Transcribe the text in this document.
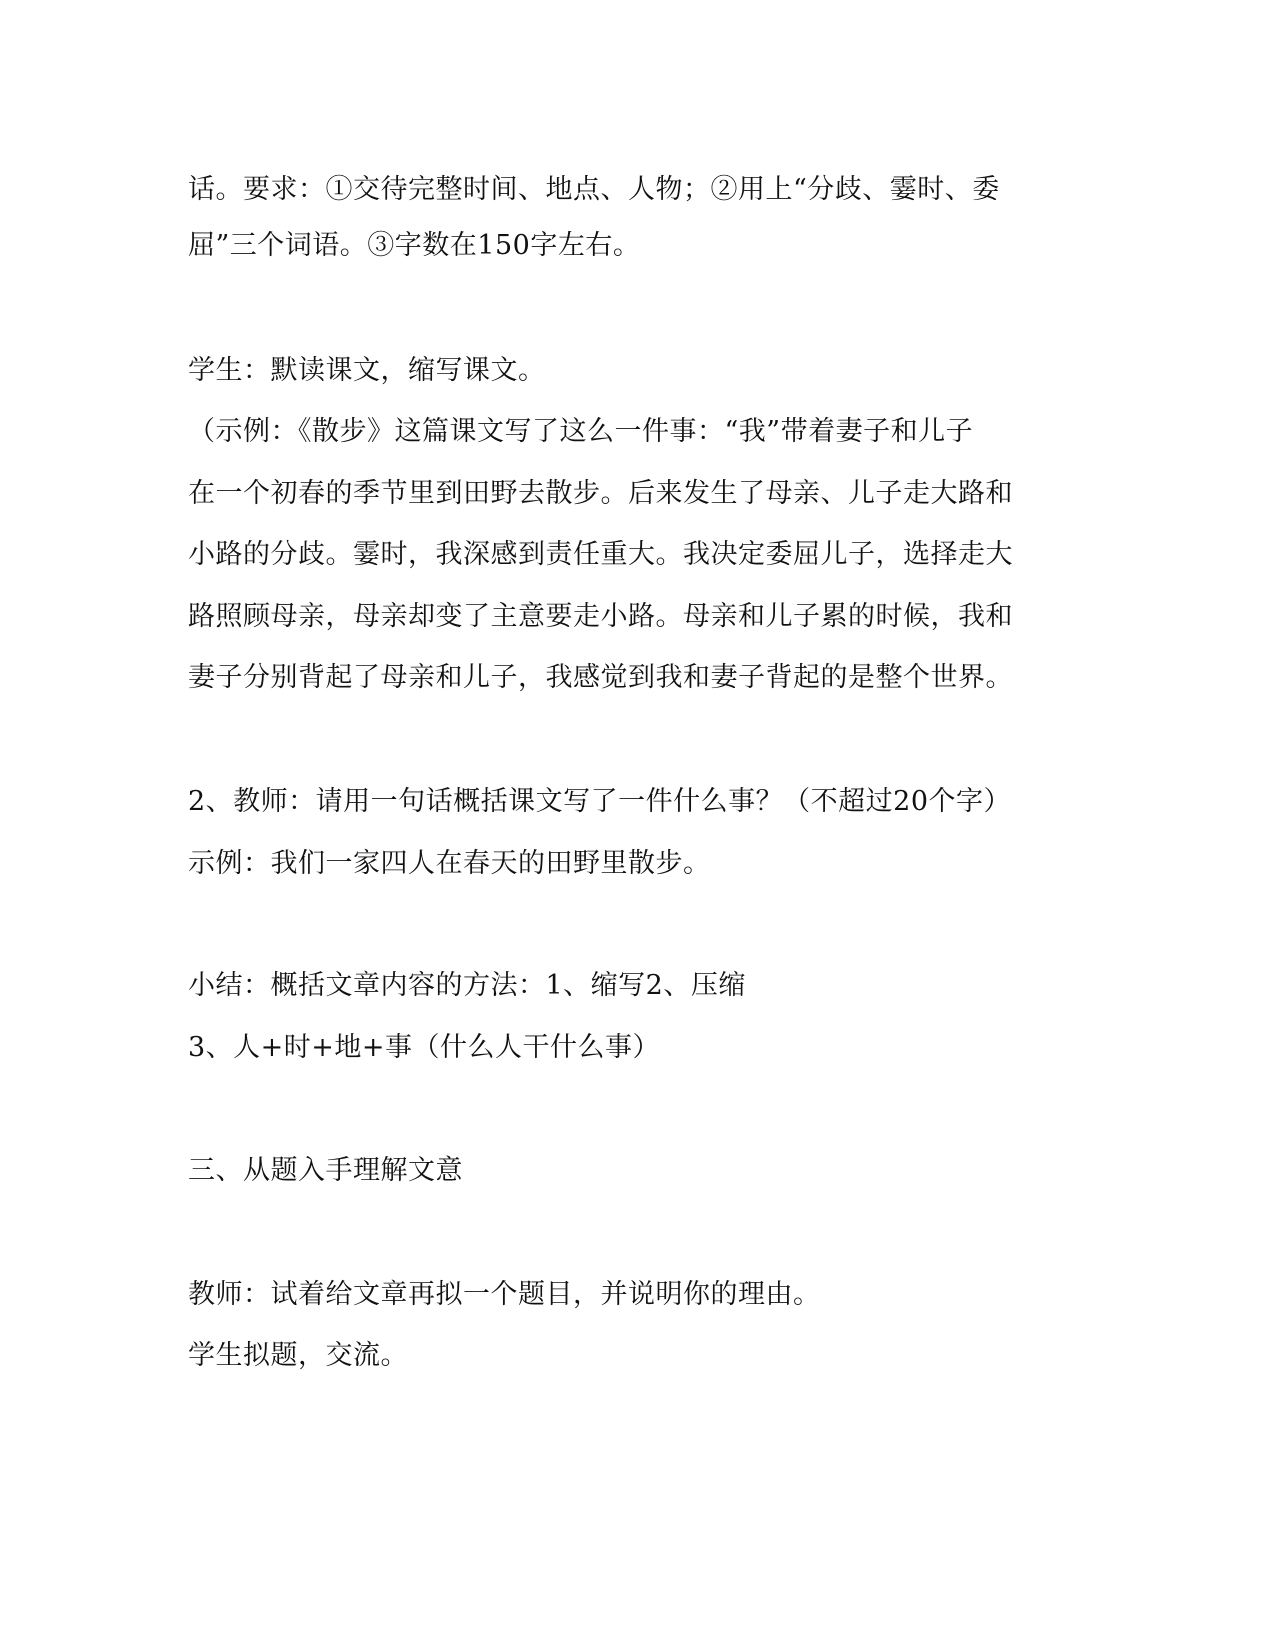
话。要求：①交待完整时间、地点、人物；②用上“分歧、霎时、委
屈”三个词语。③字数在150字左右。
学生：默读课文，缩写课文。
（示例：《散步》这篇课文写了这么一件事：“我”带着妻子和儿子
在一个初春的季节里到田野去散步。后来发生了母亲、儿子走大路和
小路的分歧。霎时，我深感到责任重大。我决定委屈儿子，选择走大
路照顾母亲，母亲却变了主意要走小路。母亲和儿子累的时候，我和
妻子分别背起了母亲和儿子，我感觉到我和妻子背起的是整个世界。
2、教师：请用一句话概括课文写了一件什么事？（不超过20个字）
示例：我们一家四人在春天的田野里散步。
小结：概括文章内容的方法：1、缩写2、压缩
3、人+时+地+事（什么人干什么事）
三、从题入手理解文意
教师：试着给文章再拟一个题目，并说明你的理由。
学生拟题，交流。
